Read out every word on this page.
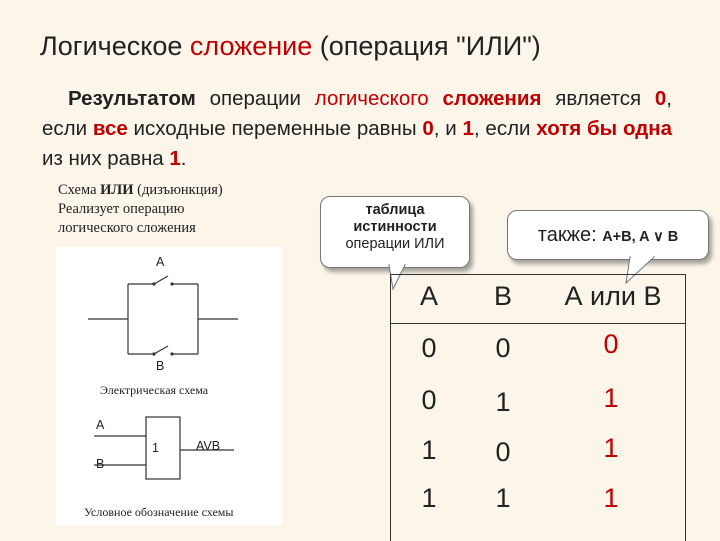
Логическое сложение (операция "ИЛИ")
Результатом операции логического сложения является 0, если все исходные переменные равны 0, и 1, если хотя бы одна из них равна 1.
Схема ИЛИ (дизъюнкция)
Реализует операцию
логического сложения
A
B
Электрическая схема
A
B
1	AVB
Условное обозначение схемы
таблица
истинности
операции ИЛИ	также: A+B, A ∨ B
A	B	А или В
0	0	0
0	1	1
1	0	1
1	1	1
